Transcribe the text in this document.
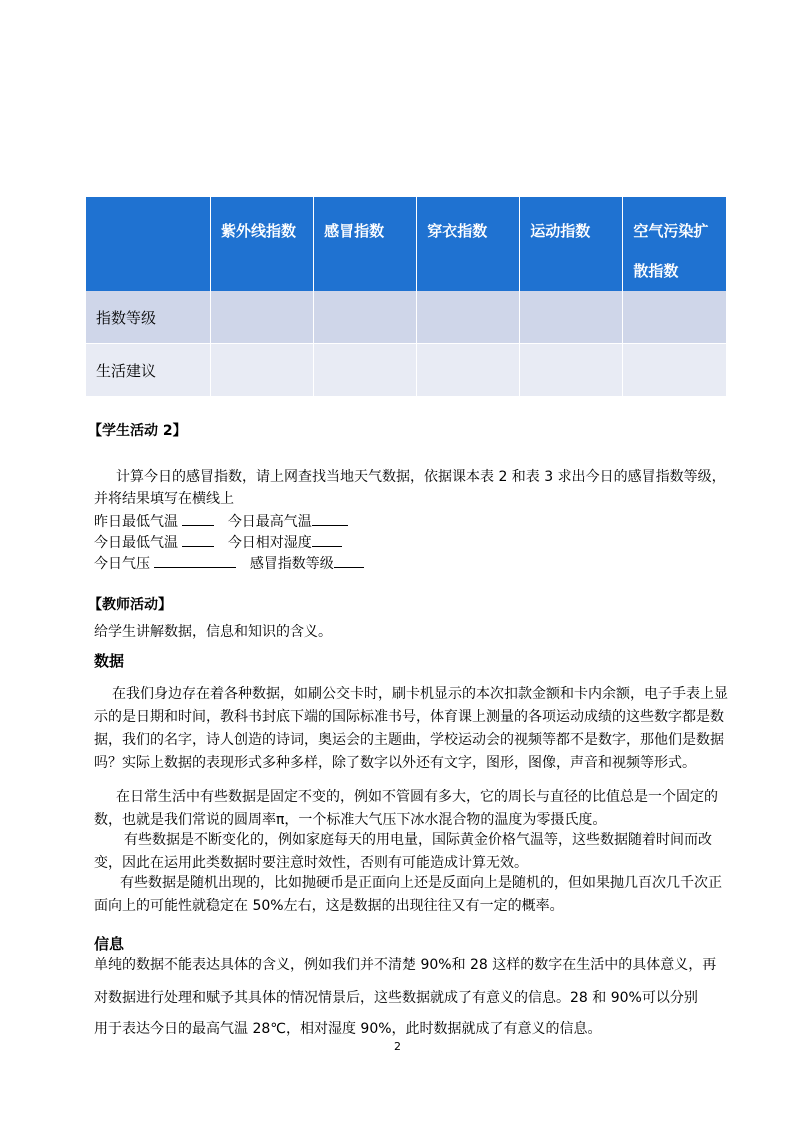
	紫外线指数	感冒指数	穿衣指数	运动指数	空气污染扩散指数
指数等级					
生活建议					
【学生活动 2】
计算今日的感冒指数，请上网查找当地天气数据，依据课本表 2 和表 3 求出今日的感冒指数等级，
并将结果填写在横线上
昨日最低气温	今日最高气温
今日最低气温	今日相对湿度
今日气压	感冒指数等级
【教师活动】
给学生讲解数据，信息和知识的含义。
数据
在我们身边存在着各种数据，如刷公交卡时，刷卡机显示的本次扣款金额和卡内余额，电子手表上显示的是日期和时间，教科书封底下端的国际标准书号，体育课上测量的各项运动成绩的这些数字都是数据，我们的名字，诗人创造的诗词，奥运会的主题曲，学校运动会的视频等都不是数字，那他们是数据吗？实际上数据的表现形式多种多样，除了数字以外还有文字，图形，图像，声音和视频等形式。
在日常生活中有些数据是固定不变的，例如不管圆有多大，它的周长与直径的比值总是一个固定的数，也就是我们常说的圆周率π，一个标准大气压下冰水混合物的温度为零摄氏度。
有些数据是不断变化的，例如家庭每天的用电量，国际黄金价格气温等，这些数据随着时间而改变，因此在运用此类数据时要注意时效性，否则有可能造成计算无效。
有些数据是随机出现的，比如抛硬币是正面向上还是反面向上是随机的，但如果抛几百次几千次正面向上的可能性就稳定在 50%左右，这是数据的出现往往又有一定的概率。
信息
单纯的数据不能表达具体的含义，例如我们并不清楚 90%和 28 这样的数字在生活中的具体意义，再
对数据进行处理和赋予其具体的情况情景后，这些数据就成了有意义的信息。28 和 90%可以分别
用于表达今日的最高气温 28℃，相对湿度 90%，此时数据就成了有意义的信息。
2
